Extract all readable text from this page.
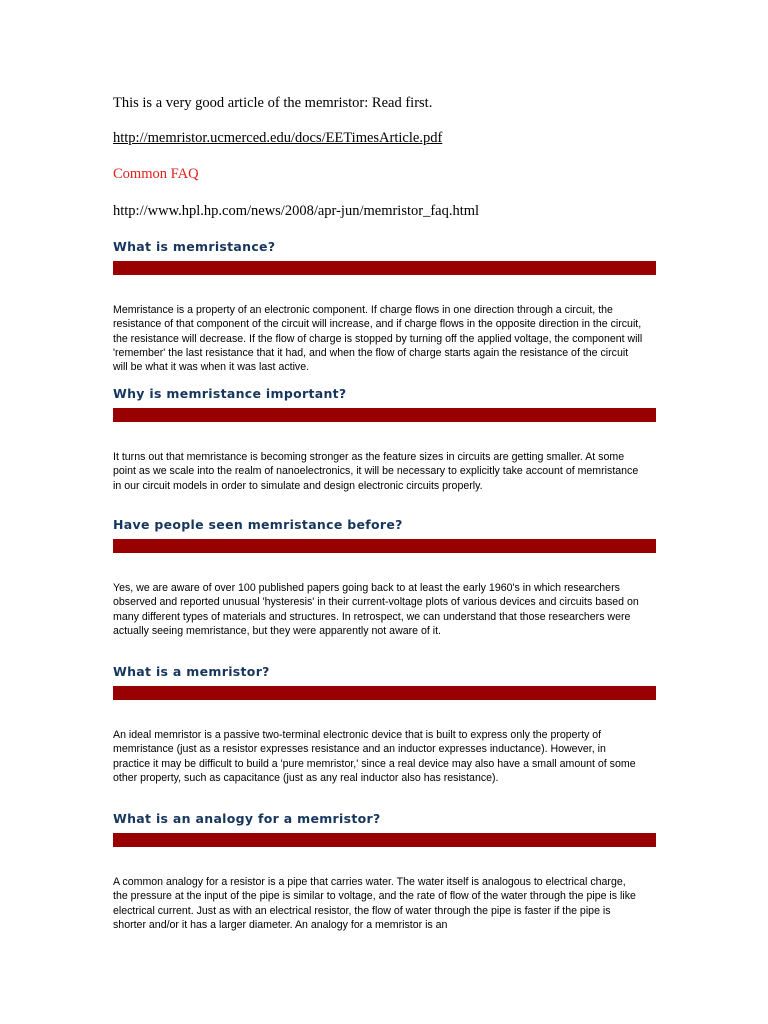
This is a very good article of the memristor: Read first.
http://memristor.ucmerced.edu/docs/EETimesArticle.pdf
Common FAQ
http://www.hpl.hp.com/news/2008/apr-jun/memristor_faq.html
What is memristance?
Memristance is a property of an electronic component. If charge flows in one direction through a circuit, the resistance of that component of the circuit will increase, and if charge flows in the opposite direction in the circuit, the resistance will decrease. If the flow of charge is stopped by turning off the applied voltage, the component will 'remember' the last resistance that it had, and when the flow of charge starts again the resistance of the circuit will be what it was when it was last active.
Why is memristance important?
It turns out that memristance is becoming stronger as the feature sizes in circuits are getting smaller. At some point as we scale into the realm of nanoelectronics, it will be necessary to explicitly take account of memristance in our circuit models in order to simulate and design electronic circuits properly.
Have people seen memristance before?
Yes, we are aware of over 100 published papers going back to at least the early 1960's in which researchers observed and reported unusual 'hysteresis' in their current-voltage plots of various devices and circuits based on many different types of materials and structures. In retrospect, we can understand that those researchers were actually seeing memristance, but they were apparently not aware of it.
What is a memristor?
An ideal memristor is a passive two-terminal electronic device that is built to express only the property of memristance (just as a resistor expresses resistance and an inductor expresses inductance). However, in practice it may be difficult to build a 'pure memristor,' since a real device may also have a small amount of some other property, such as capacitance (just as any real inductor also has resistance).
What is an analogy for a memristor?
A common analogy for a resistor is a pipe that carries water. The water itself is analogous to electrical charge, the pressure at the input of the pipe is similar to voltage, and the rate of flow of the water through the pipe is like electrical current. Just as with an electrical resistor, the flow of water through the pipe is faster if the pipe is shorter and/or it has a larger diameter. An analogy for a memristor is an
